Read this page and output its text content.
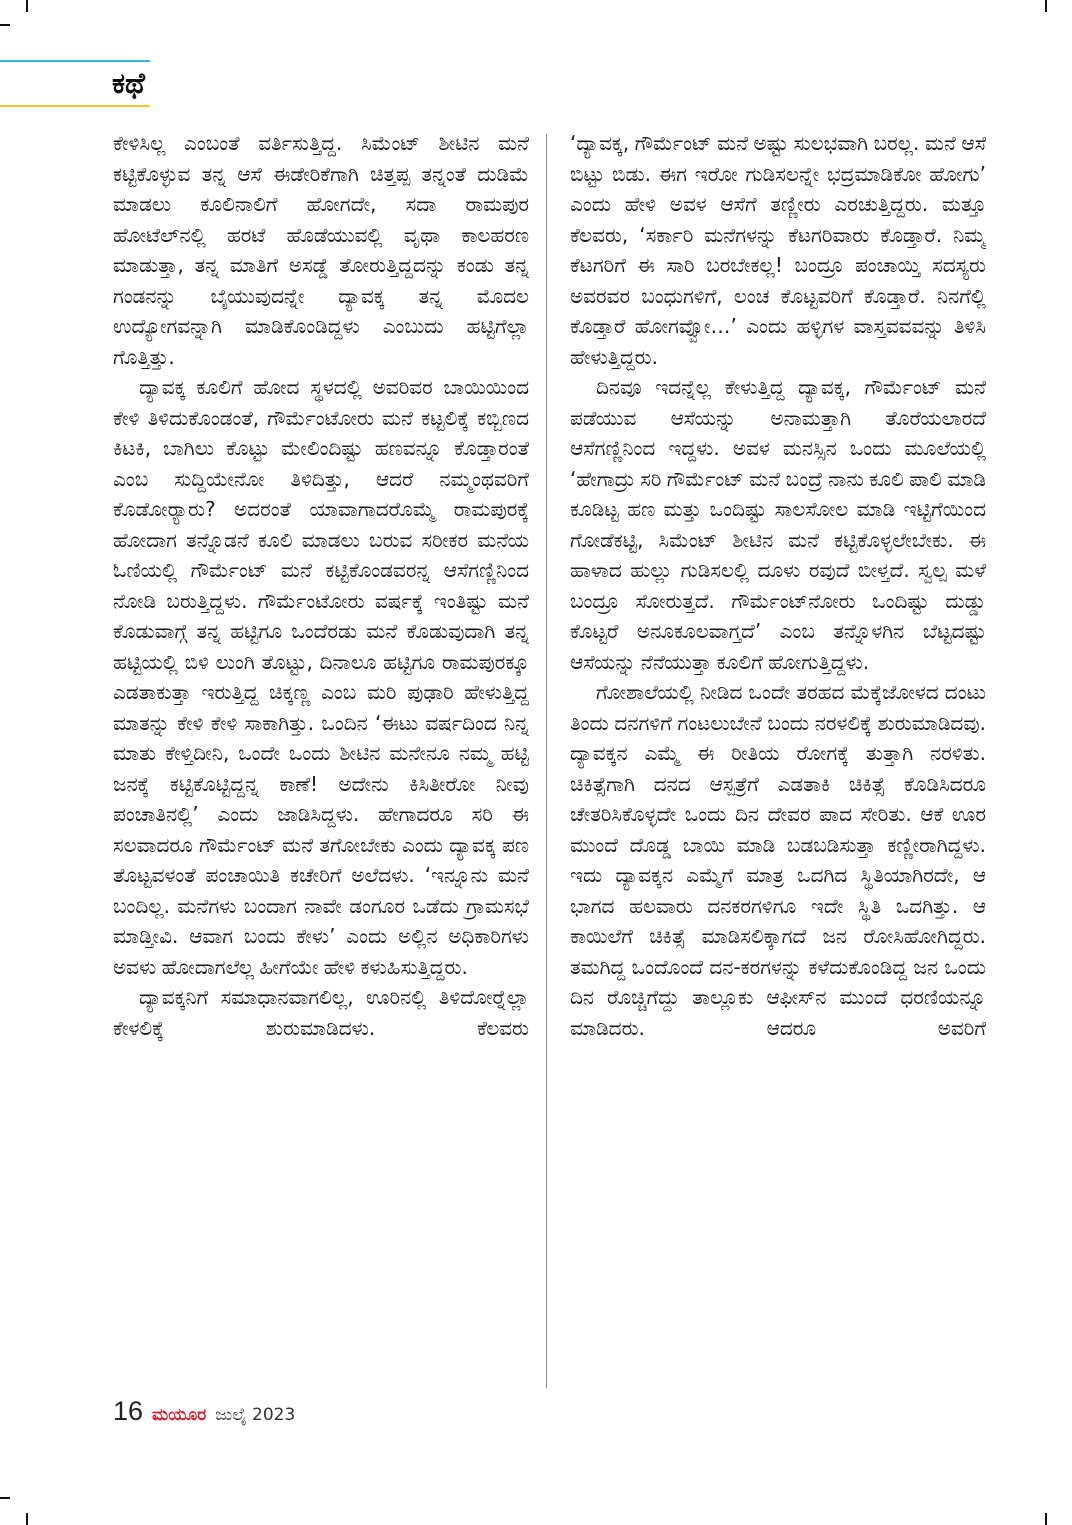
ಕಥೆ

ಕೇಳಿಸಿಲ್ಲ ಎಂಬಂತೆ ವರ್ತಿಸುತ್ತಿದ್ದ. ಸಿಮೆಂಟ್ ಶೀಟಿನ ಮನೆ ಕಟ್ಟಿಕೊಳ್ಳುವ ತನ್ನ ಆಸೆ ಈಡೇರಿಕೆಗಾಗಿ ಚಿತ್ತಪ್ಪ ತನ್ನಂತೆ ದುಡಿಮೆ ಮಾಡಲು ಕೂಲಿನಾಲಿಗೆ ಹೋಗದೇ, ಸದಾ ರಾಮಪುರ ಹೋಟೆಲ್‌ನಲ್ಲಿ ಹರಟೆ ಹೊಡೆಯುವಲ್ಲಿ ವೃಥಾ ಕಾಲಹರಣ ಮಾಡುತ್ತಾ, ತನ್ನ ಮಾತಿಗೆ ಅಸಡ್ಡೆ ತೋರುತ್ತಿದ್ದದನ್ನು ಕಂಡು ತನ್ನ ಗಂಡನನ್ನು ಬೈಯುವುದನ್ನೇ ದ್ಯಾವಕ್ಕ ತನ್ನ ಮೊದಲ ಉದ್ಯೋಗವನ್ನಾಗಿ ಮಾಡಿಕೊಂಡಿದ್ದಳು ಎಂಬುದು ಹಟ್ಟಿಗೆಲ್ಲಾ ಗೊತ್ತಿತ್ತು.

ದ್ಯಾವಕ್ಕ ಕೂಲಿಗೆ ಹೋದ ಸ್ಥಳದಲ್ಲಿ ಅವರಿವರ ಬಾಯಿಯಿಂದ ಕೇಳಿ ತಿಳಿದುಕೊಂಡಂತೆ, ಗೌರ್ಮೆಂಟೋರು ಮನೆ ಕಟ್ಟಲಿಕ್ಕೆ ಕಬ್ಬಿಣದ ಕಿಟಕಿ, ಬಾಗಿಲು ಕೊಟ್ಟು ಮೇಲಿಂದಿಷ್ಟು ಹಣವನ್ನೂ ಕೊಡ್ತಾರಂತೆ ಎಂಬ ಸುದ್ದಿಯೇನೋ ತಿಳಿದಿತ್ತು, ಆದರೆ ನಮ್ಮಂಥವರಿಗೆ ಕೊಡೋರ್‍ಯಾರು? ಅದರಂತೆ ಯಾವಾಗಾದರೊಮ್ಮೆ ರಾಮಪುರಕ್ಕೆ ಹೋದಾಗ ತನ್ನೊಡನೆ ಕೂಲಿ ಮಾಡಲು ಬರುವ ಸರೀಕರ ಮನೆಯ ಓಣಿಯಲ್ಲಿ ಗೌರ್ಮೆಂಟ್ ಮನೆ ಕಟ್ಟಿಕೊಂಡವರನ್ನ ಆಸೆಗಣ್ಣಿನಿಂದ ನೋಡಿ ಬರುತ್ತಿದ್ದಳು. ಗೌರ್ಮೆಂಟೋರು ವರ್ಷಕ್ಕೆ ಇಂತಿಷ್ಟು ಮನೆ ಕೊಡುವಾಗ್ಗೆ ತನ್ನ ಹಟ್ಟಿಗೂ ಒಂದೆರಡು ಮನೆ ಕೊಡುವುದಾಗಿ ತನ್ನ ಹಟ್ಟಿಯಲ್ಲಿ ಬಿಳಿ ಲುಂಗಿ ತೊಟ್ಟು, ದಿನಾಲೂ ಹಟ್ಟಿಗೂ ರಾಮಪುರಕ್ಕೂ ಎಡತಾಕುತ್ತಾ ಇರುತ್ತಿದ್ದ ಚಿಕ್ಕಣ್ಣ ಎಂಬ ಮರಿ ಪುಢಾರಿ ಹೇಳುತ್ತಿದ್ದ ಮಾತನ್ನು ಕೇಳಿ ಕೇಳಿ ಸಾಕಾಗಿತ್ತು. ಒಂದಿನ ‘ಈಟು ವರ್ಷದಿಂದ ನಿನ್ನ ಮಾತು ಕೇಳ್ತಿದೀನಿ, ಒಂದೇ ಒಂದು ಶೀಟಿನ ಮನೇನೂ ನಮ್ಮ ಹಟ್ಟಿ ಜನಕ್ಕೆ ಕಟ್ಟಿಕೊಟ್ಟಿದ್ದನ್ನ ಕಾಣೆ! ಅದೇನು ಕಿಸಿತೀರೋ ನೀವು ಪಂಚಾತಿನಲ್ಲಿ’ ಎಂದು ಜಾಡಿಸಿದ್ದಳು. ಹೇಗಾದರೂ ಸರಿ ಈ ಸಲವಾದರೂ ಗೌರ್ಮೆಂಟ್ ಮನೆ ತಗೋಬೇಕು ಎಂದು ದ್ಯಾವಕ್ಕ ಪಣ ತೊಟ್ಟವಳಂತೆ ಪಂಚಾಯಿತಿ ಕಚೇರಿಗೆ ಅಲೆದಳು. ‘ಇನ್ನೂನು ಮನೆ ಬಂದಿಲ್ಲ. ಮನೆಗಳು ಬಂದಾಗ ನಾವೇ ಡಂಗೂರ ಒಡೆದು ಗ್ರಾಮಸಭೆ ಮಾಡ್ತೀವಿ. ಆವಾಗ ಬಂದು ಕೇಳು’ ಎಂದು ಅಲ್ಲಿನ ಅಧಿಕಾರಿಗಳು ಅವಳು ಹೋದಾಗಲೆಲ್ಲ ಹೀಗೆಯೇ ಹೇಳಿ ಕಳುಹಿಸುತ್ತಿದ್ದರು.

ದ್ಯಾವಕ್ಕನಿಗೆ ಸಮಾಧಾನವಾಗಲಿಲ್ಲ, ಊರಿನಲ್ಲಿ ತಿಳಿದೋರ್‍ನೆಲ್ಲಾ ಕೇಳಲಿಕ್ಕೆ ಶುರುಮಾಡಿದಳು. ಕೆಲವರು

‘ದ್ಯಾವಕ್ಕ, ಗೌರ್ಮೆಂಟ್ ಮನೆ ಅಷ್ಟು ಸುಲಭವಾಗಿ ಬರಲ್ಲ. ಮನೆ ಆಸೆ ಬಿಟ್ಟು ಬಿಡು. ಈಗ ಇರೋ ಗುಡಿಸಲನ್ನೇ ಭದ್ರಮಾಡಿಕೋ ಹೋಗು’ ಎಂದು ಹೇಳಿ ಅವಳ ಆಸೆಗೆ ತಣ್ಣೀರು ಎರಚುತ್ತಿದ್ದರು. ಮತ್ತೂ ಕೆಲವರು, ‘ಸರ್ಕಾರಿ ಮನೆಗಳನ್ನು ಕೆಟಗರಿವಾರು ಕೊಡ್ತಾರೆ. ನಿಮ್ಮ ಕೆಟಗರಿಗೆ ಈ ಸಾರಿ ಬರಬೇಕಲ್ಲ! ಬಂದ್ರೂ ಪಂಚಾಯ್ತಿ ಸದಸ್ಯರು ಅವರವರ ಬಂಧುಗಳಿಗೆ, ಲಂಚ ಕೊಟ್ಟವರಿಗೆ ಕೊಡ್ತಾರೆ. ನಿನಗೆಲ್ಲಿ ಕೊಡ್ತಾರೆ ಹೋಗವ್ವೋ…’ ಎಂದು ಹಳ್ಳಿಗಳ ವಾಸ್ತವವವನ್ನು ತಿಳಿಸಿ ಹೇಳುತ್ತಿದ್ದರು.

ದಿನವೂ ಇದನ್ನೆಲ್ಲ ಕೇಳುತ್ತಿದ್ದ ದ್ಯಾವಕ್ಕ, ಗೌರ್ಮೆಂಟ್ ಮನೆ ಪಡೆಯುವ ಆಸೆಯನ್ನು ಅನಾಮತ್ತಾಗಿ ತೊರೆಯಲಾರದೆ ಆಸೆಗಣ್ಣಿನಿಂದ ಇದ್ದಳು. ಅವಳ ಮನಸ್ಸಿನ ಒಂದು ಮೂಲೆಯಲ್ಲಿ ‘ಹೇಗಾದ್ರು ಸರಿ ಗೌರ್ಮೆಂಟ್ ಮನೆ ಬಂದ್ರೆ ನಾನು ಕೂಲಿ ಪಾಲಿ ಮಾಡಿ ಕೂಡಿಟ್ಟ ಹಣ ಮತ್ತು ಒಂದಿಷ್ಟು ಸಾಲಸೋಲ ಮಾಡಿ ಇಟ್ಟಿಗೆಯಿಂದ ಗೋಡೆಕಟ್ಟಿ, ಸಿಮೆಂಟ್ ಶೀಟಿನ ಮನೆ ಕಟ್ಟಿಕೊಳ್ಳಲೇಬೇಕು. ಈ ಹಾಳಾದ ಹುಲ್ಲು ಗುಡಿಸಲಲ್ಲಿ ದೂಳು ರವುದೆ ಬೀಳ್ತದೆ. ಸ್ವಲ್ಪ ಮಳೆ ಬಂದ್ರೂ ಸೋರುತ್ತದೆ. ಗೌರ್ಮೆಂಟ್‌ನೋರು ಒಂದಿಷ್ಟು ದುಡ್ಡು ಕೊಟ್ಟರೆ ಅನೂಕೂಲವಾಗ್ತದೆ’ ಎಂಬ ತನ್ನೊಳಗಿನ ಬೆಟ್ಟದಷ್ಟು ಆಸೆಯನ್ನು ನೆನೆಯುತ್ತಾ ಕೂಲಿಗೆ ಹೋಗುತ್ತಿದ್ದಳು.

ಗೋಶಾಲೆಯಲ್ಲಿ ನೀಡಿದ ಒಂದೇ ತರಹದ ಮೆಕ್ಕೆಜೋಳದ ದಂಟು ತಿಂದು ದನಗಳಿಗೆ ಗಂಟಲುಬೇನೆ ಬಂದು ನರಳಲಿಕ್ಕೆ ಶುರುಮಾಡಿದವು. ದ್ಯಾವಕ್ಕನ ಎಮ್ಮೆ ಈ ರೀತಿಯ ರೋಗಕ್ಕೆ ತುತ್ತಾಗಿ ನರಳಿತು. ಚಿಕಿತ್ಸೆಗಾಗಿ ದನದ ಆಸ್ಪತ್ರೆಗೆ ಎಡತಾಕಿ ಚಿಕಿತ್ಸೆ ಕೊಡಿಸಿದರೂ ಚೇತರಿಸಿಕೊಳ್ಳದೇ ಒಂದು ದಿನ ದೇವರ ಪಾದ ಸೇರಿತು. ಆಕೆ ಊರ ಮುಂದೆ ದೊಡ್ಡ ಬಾಯಿ ಮಾಡಿ ಬಡಬಡಿಸುತ್ತಾ ಕಣ್ಣೀರಾಗಿದ್ದಳು. ಇದು ದ್ಯಾವಕ್ಕನ ಎಮ್ಮೆಗೆ ಮಾತ್ರ ಒದಗಿದ ಸ್ಥಿತಿಯಾಗಿರದೇ, ಆ ಭಾಗದ ಹಲವಾರು ದನಕರಗಳಿಗೂ ಇದೇ ಸ್ಥಿತಿ ಒದಗಿತ್ತು. ಆ ಕಾಯಿಲೆಗೆ ಚಿಕಿತ್ಸೆ ಮಾಡಿಸಲಿಕ್ಕಾಗದೆ ಜನ ರೋಸಿಹೋಗಿದ್ದರು. ತಮಗಿದ್ದ ಒಂದೊಂದೆ ದನ-ಕರಗಳನ್ನು ಕಳೆದುಕೊಂಡಿದ್ದ ಜನ ಒಂದು ದಿನ ರೊಚ್ಚಿಗೆದ್ದು ತಾಲ್ಲೂಕು ಆಫೀಸ್‌ನ ಮುಂದೆ ಧರಣಿಯನ್ನೂ ಮಾಡಿದರು. ಆದರೂ ಅವರಿಗೆ

16 ಮಯೂರ ಜುಲೈ 2023
